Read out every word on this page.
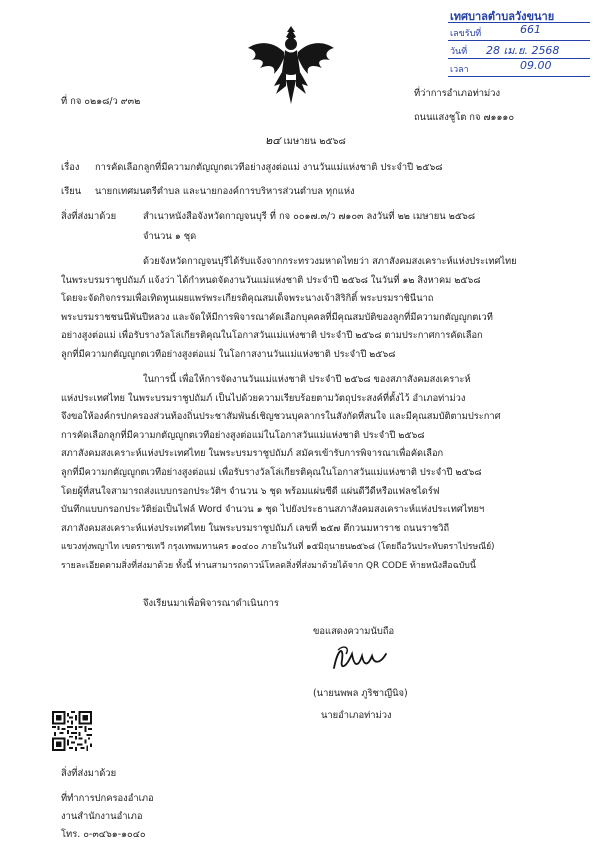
เทศบาลตำบลวังขนาย
เลขรับที่	661
วันที่ 28 เม.ย. 2568
เวลา	09.00
ที่ กจ ๐๒๑๘/ว ๙๓๒
ที่ว่าการอำเภอท่าม่วง
ถนนแสงชูโต กจ ๗๑๑๑๐
๒๔ เมษายน ๒๕๖๘
เรื่อง การคัดเลือกลูกที่มีความกตัญญูกตเวทีอย่างสูงต่อแม่ งานวันแม่แห่งชาติ ประจำปี ๒๕๖๘
เรียน นายกเทศมนตรีตำบล และนายกองค์การบริหารส่วนตำบล ทุกแห่ง
สิ่งที่ส่งมาด้วย	สำเนาหนังสือจังหวัดกาญจนบุรี ที่ กจ ๐๐๑๗.๓/ว ๗๑๐๓ ลงวันที่ ๒๒ เมษายน ๒๕๖๘
จำนวน ๑ ชุด
ด้วยจังหวัดกาญจนบุรีได้รับแจ้งจากกระทรวงมหาดไทยว่า สภาสังคมสงเคราะห์แห่งประเทศไทย
ในพระบรมราชูปถัมภ์ แจ้งว่า ได้กำหนดจัดงานวันแม่แห่งชาติ ประจำปี ๒๕๖๘ ในวันที่ ๑๒ สิงหาคม ๒๕๖๘
โดยจะจัดกิจกรรมเพื่อเทิดทูนเผยแพร่พระเกียรติคุณสมเด็จพระนางเจ้าสิริกิติ์ พระบรมราชินีนาถ
พระบรมราชชนนีพันปีหลวง และจัดให้มีการพิจารณาคัดเลือกบุคคลที่มีคุณสมบัติของลูกที่มีความกตัญญูกตเวที
อย่างสูงต่อแม่ เพื่อรับรางวัลโล่เกียรติคุณในโอกาสวันแม่แห่งชาติ ประจำปี ๒๕๖๘ ตามประกาศการคัดเลือก
ลูกที่มีความกตัญญูกตเวทีอย่างสูงต่อแม่ ในโอกาสงานวันแม่แห่งชาติ ประจำปี ๒๕๖๘
ในการนี้ เพื่อให้การจัดงานวันแม่แห่งชาติ ประจำปี ๒๕๖๘ ของสภาสังคมสงเคราะห์
แห่งประเทศไทย ในพระบรมราชูปถัมภ์ เป็นไปด้วยความเรียบร้อยตามวัตถุประสงค์ที่ตั้งไว้ อำเภอท่าม่วง
จึงขอให้องค์กรปกครองส่วนท้องถิ่นประชาสัมพันธ์เชิญชวนบุคลากรในสังกัดที่สนใจ และมีคุณสมบัติตามประกาศ
การคัดเลือกลูกที่มีความกตัญญูกตเวทีอย่างสูงต่อแม่ในโอกาสวันแม่แห่งชาติ ประจำปี ๒๕๖๘
สภาสังคมสงเคราะห์แห่งประเทศไทย ในพระบรมราชูปถัมภ์ สมัครเข้ารับการพิจารณาเพื่อคัดเลือก
ลูกที่มีความกตัญญูกตเวทีอย่างสูงต่อแม่ เพื่อรับรางวัลโล่เกียรติคุณในโอกาสวันแม่แห่งชาติ ประจำปี ๒๕๖๘
โดยผู้ที่สนใจสามารถส่งแบบกรอกประวัติฯ จำนวน ๖ ชุด พร้อมแผ่นซีดี แผ่นดีวีดีหรือแฟลชไดร์ฟ
บันทึกแบบกรอกประวัติย่อเป็นไฟล์ Word จำนวน ๑ ชุด ไปยังประธานสภาสังคมสงเคราะห์แห่งประเทศไทยฯ
สภาสังคมสงเคราะห์แห่งประเทศไทย ในพระบรมราชูปถัมภ์ เลขที่ ๒๕๗ ตึกวนมหาราช ถนนราชวิถี
แขวงทุ่งพญาไท เขตราชเทวี กรุงเทพมหานคร ๑๐๔๐๐ ภายในวันที่ ๑๕มิถุนายน๒๕๖๘ (โดยถือวันประทับตราไปรษณีย์)
รายละเอียดตามสิ่งที่ส่งมาด้วย ทั้งนี้ ท่านสามารถดาวน์โหลดสิ่งที่ส่งมาด้วยได้จาก QR CODE ท้ายหนังสือฉบับนี้
จึงเรียนมาเพื่อพิจารณาดำเนินการ
ขอแสดงความนับถือ
(นายนพพล ภูริชาญีนิจ)
นายอำเภอท่าม่วง
สิ่งที่ส่งมาด้วย
ที่ทำการปกครองอำเภอ
งานสำนักงานอำเภอ
โทร. ๐-๓๔๖๑-๑๐๔๐
